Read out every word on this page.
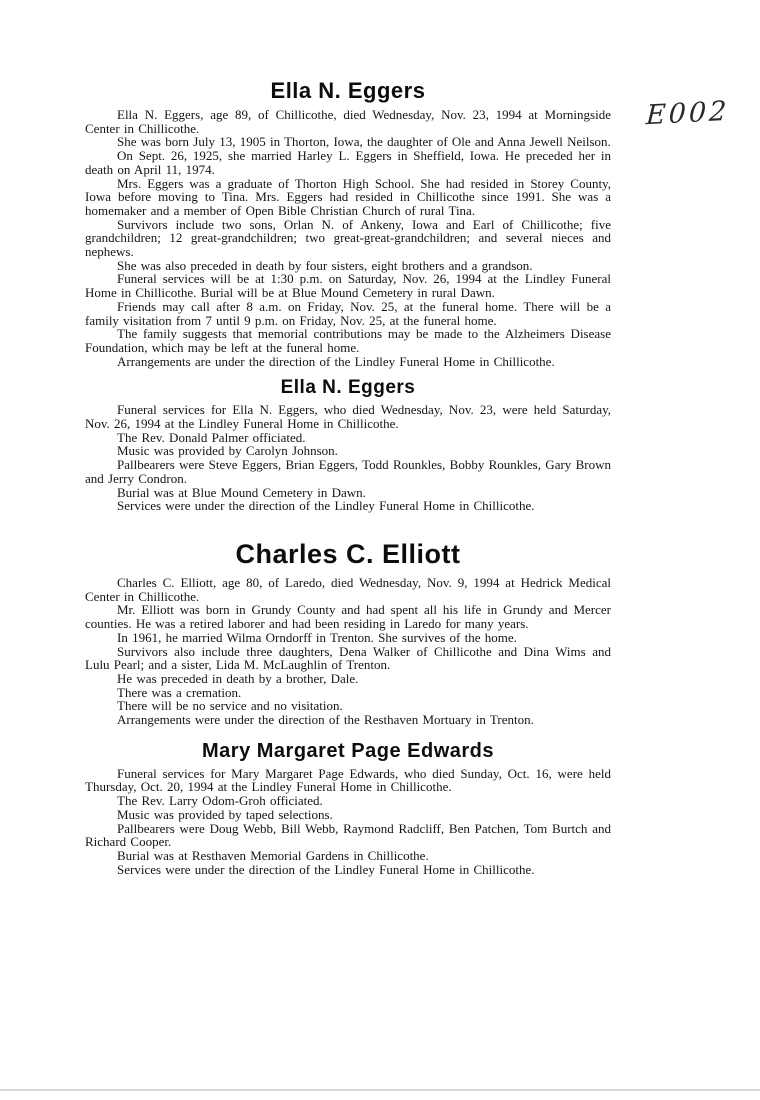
E002
Ella N. Eggers

Ella N. Eggers, age 89, of Chillicothe, died Wednesday, Nov. 23, 1994 at Morningside Center in Chillicothe.

She was born July 13, 1905 in Thorton, Iowa, the daughter of Ole and Anna Jewell Neilson.

On Sept. 26, 1925, she married Harley L. Eggers in Sheffield, Iowa. He preceded her in death on April 11, 1974.

Mrs. Eggers was a graduate of Thorton High School. She had resided in Storey County, Iowa before moving to Tina. Mrs. Eggers had resided in Chillicothe since 1991. She was a homemaker and a member of Open Bible Christian Church of rural Tina.

Survivors include two sons, Orlan N. of Ankeny, Iowa and Earl of Chillicothe; five grandchildren; 12 great-grandchildren; two great-great-grandchildren; and several nieces and nephews.

She was also preceded in death by four sisters, eight brothers and a grandson.

Funeral services will be at 1:30 p.m. on Saturday, Nov. 26, 1994 at the Lindley Funeral Home in Chillicothe. Burial will be at Blue Mound Cemetery in rural Dawn.

Friends may call after 8 a.m. on Friday, Nov. 25, at the funeral home. There will be a family visitation from 7 until 9 p.m. on Friday, Nov. 25, at the funeral home.

The family suggests that memorial contributions may be made to the Alzheimers Disease Foundation, which may be left at the funeral home.

Arrangements are under the direction of the Lindley Funeral Home in Chillicothe.

Ella N. Eggers

Funeral services for Ella N. Eggers, who died Wednesday, Nov. 23, were held Saturday, Nov. 26, 1994 at the Lindley Funeral Home in Chillicothe.

The Rev. Donald Palmer officiated.

Music was provided by Carolyn Johnson.

Pallbearers were Steve Eggers, Brian Eggers, Todd Rounkles, Bobby Rounkles, Gary Brown and Jerry Condron.

Burial was at Blue Mound Cemetery in Dawn.

Services were under the direction of the Lindley Funeral Home in Chillicothe.

Charles C. Elliott

Charles C. Elliott, age 80, of Laredo, died Wednesday, Nov. 9, 1994 at Hedrick Medical Center in Chillicothe.

Mr. Elliott was born in Grundy County and had spent all his life in Grundy and Mercer counties. He was a retired laborer and had been residing in Laredo for many years.

In 1961, he married Wilma Orndorff in Trenton. She survives of the home.

Survivors also include three daughters, Dena Walker of Chillicothe and Dina Wims and Lulu Pearl; and a sister, Lida M. McLaughlin of Trenton.

He was preceded in death by a brother, Dale.

There was a cremation.

There will be no service and no visitation.

Arrangements were under the direction of the Resthaven Mortuary in Trenton.

Mary Margaret Page Edwards

Funeral services for Mary Margaret Page Edwards, who died Sunday, Oct. 16, were held Thursday, Oct. 20, 1994 at the Lindley Funeral Home in Chillicothe.

The Rev. Larry Odom-Groh officiated.

Music was provided by taped selections.

Pallbearers were Doug Webb, Bill Webb, Raymond Radcliff, Ben Patchen, Tom Burtch and Richard Cooper.

Burial was at Resthaven Memorial Gardens in Chillicothe.

Services were under the direction of the Lindley Funeral Home in Chillicothe.
